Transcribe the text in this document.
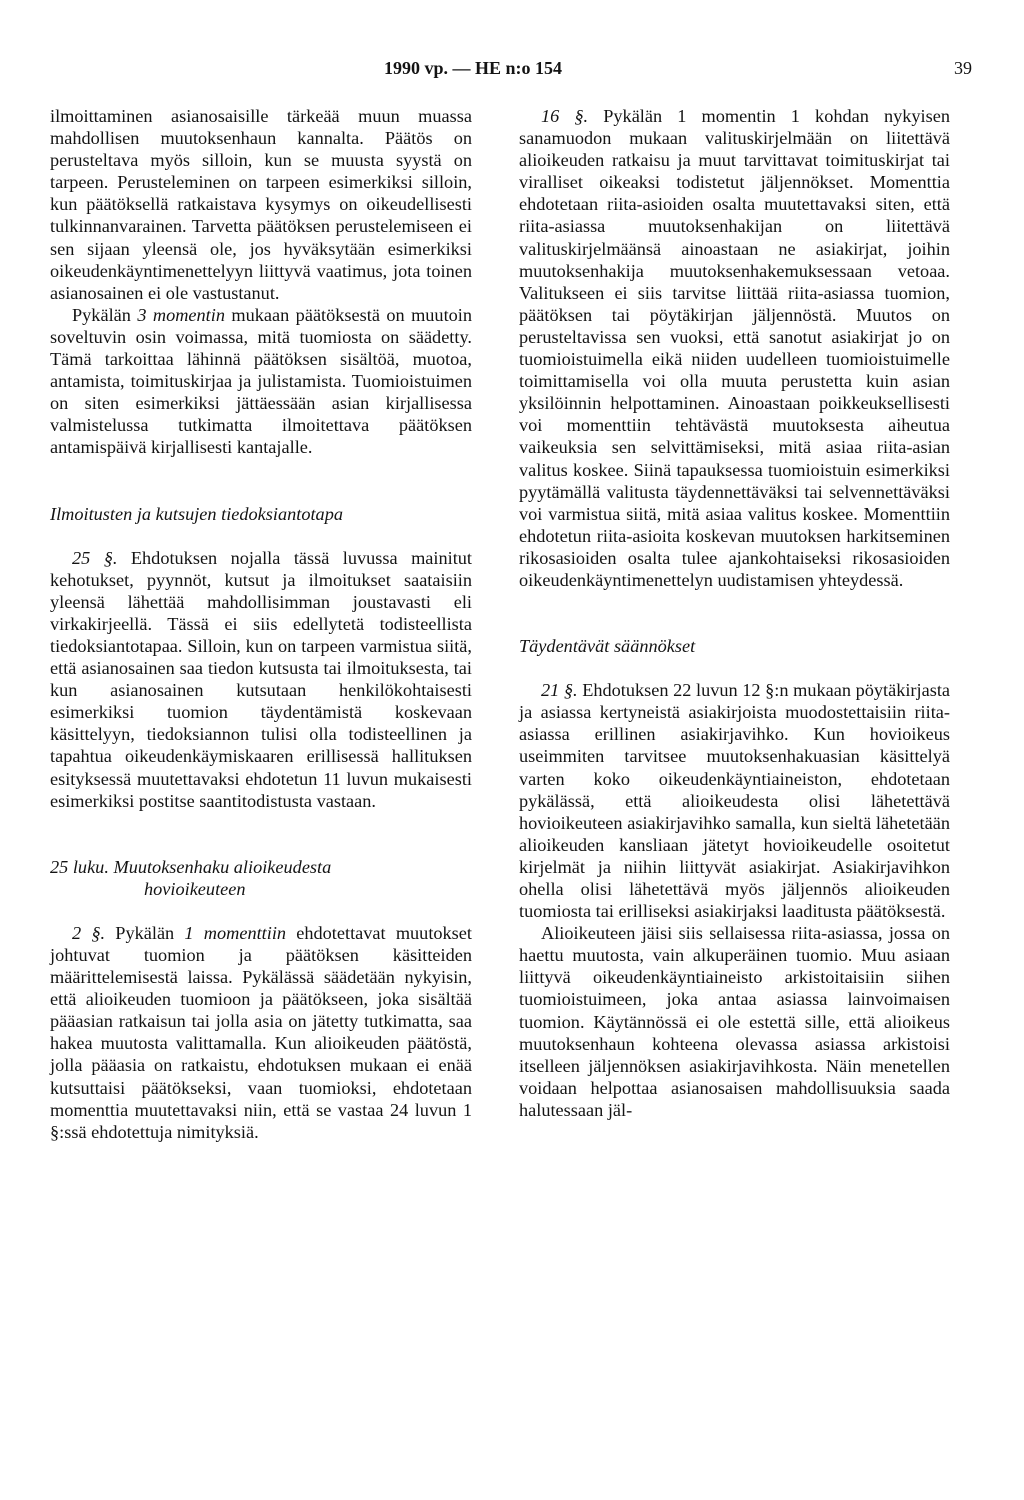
1990 vp. — HE n:o 154	39

ilmoittaminen asianosaisille tärkeää muun muassa mahdollisen muutoksenhaun kannalta. Päätös on perusteltava myös silloin, kun se muusta syystä on tarpeen. Perusteleminen on tarpeen esimerkiksi silloin, kun päätöksellä ratkaistava kysymys on oikeudellisesti tulkinnanvarainen. Tarvetta päätöksen perustelemiseen ei sen sijaan yleensä ole, jos hyväksytään esimerkiksi oikeudenkäyntimenettelyyn liittyvä vaatimus, jota toinen asianosainen ei ole vastustanut.

Pykälän 3 momentin mukaan päätöksestä on muutoin soveltuvin osin voimassa, mitä tuomiosta on säädetty. Tämä tarkoittaa lähinnä päätöksen sisältöä, muotoa, antamista, toimituskirjaa ja julistamista. Tuomioistuimen on siten esimerkiksi jättäessään asian kirjallisessa valmistelussa tutkimatta ilmoitettava päätöksen antamispäivä kirjallisesti kantajalle.

Ilmoitusten ja kutsujen tiedoksiantotapa

25 §. Ehdotuksen nojalla tässä luvussa mainitut kehotukset, pyynnöt, kutsut ja ilmoitukset saataisiin yleensä lähettää mahdollisimman joustavasti eli virkakirjeellä. Tässä ei siis edellytetä todisteellista tiedoksiantotapaa. Silloin, kun on tarpeen varmistua siitä, että asianosainen saa tiedon kutsusta tai ilmoituksesta, tai kun asianosainen kutsutaan henkilökohtaisesti esimerkiksi tuomion täydentämistä koskevaan käsittelyyn, tiedoksiannon tulisi olla todisteellinen ja tapahtua oikeudenkäymiskaaren erillisessä hallituksen esityksessä muutettavaksi ehdotetun 11 luvun mukaisesti esimerkiksi postitse saantitodistusta vastaan.

25 luku. Muutoksenhaku alioikeudesta

hovioikeuteen

2 §. Pykälän 1 momenttiin ehdotettavat muutokset johtuvat tuomion ja päätöksen käsitteiden määrittelemisestä laissa. Pykälässä säädetään nykyisin, että alioikeuden tuomioon ja päätökseen, joka sisältää pääasian ratkaisun tai jolla asia on jätetty tutkimatta, saa hakea muutosta valittamalla. Kun alioikeuden päätöstä, jolla pääasia on ratkaistu, ehdotuksen mukaan ei enää kutsuttaisi päätökseksi, vaan tuomioksi, ehdotetaan momenttia muutettavaksi niin, että se vastaa 24 luvun 1 §:ssä ehdotettuja nimityksiä.

16 §. Pykälän 1 momentin 1 kohdan nykyisen sanamuodon mukaan valituskirjelmään on liitettävä alioikeuden ratkaisu ja muut tarvittavat toimituskirjat tai viralliset oikeaksi todistetut jäljennökset. Momenttia ehdotetaan riita-asioiden osalta muutettavaksi siten, että riita-asiassa muutoksenhakijan on liitettävä valituskirjelmäänsä ainoastaan ne asiakirjat, joihin muutoksenhakija muutoksenhakemuksessaan vetoaa. Valitukseen ei siis tarvitse liittää riita-asiassa tuomion, päätöksen tai pöytäkirjan jäljennöstä. Muutos on perusteltavissa sen vuoksi, että sanotut asiakirjat jo on tuomioistuimella eikä niiden uudelleen tuomioistuimelle toimittamisella voi olla muuta perustetta kuin asian yksilöinnin helpottaminen. Ainoastaan poikkeuksellisesti voi momenttiin tehtävästä muutoksesta aiheutua vaikeuksia sen selvittämiseksi, mitä asiaa riita-asian valitus koskee. Siinä tapauksessa tuomioistuin esimerkiksi pyytämällä valitusta täydennettäväksi tai selvennettäväksi voi varmistua siitä, mitä asiaa valitus koskee. Momenttiin ehdotetun riita-asioita koskevan muutoksen harkitseminen rikosasioiden osalta tulee ajankohtaiseksi rikosasioiden oikeudenkäyntimenettelyn uudistamisen yhteydessä.

Täydentävät säännökset

21 §. Ehdotuksen 22 luvun 12 §:n mukaan pöytäkirjasta ja asiassa kertyneistä asiakirjoista muodostettaisiin riita-asiassa erillinen asiakirjavihko. Kun hovioikeus useimmiten tarvitsee muutoksenhakuasian käsittelyä varten koko oikeudenkäyntiaineiston, ehdotetaan pykälässä, että alioikeudesta olisi lähetettävä hovioikeuteen asiakirjavihko samalla, kun sieltä lähetetään alioikeuden kansliaan jätetyt hovioikeudelle osoitetut kirjelmät ja niihin liittyvät asiakirjat. Asiakirjavihkon ohella olisi lähetettävä myös jäljennös alioikeuden tuomiosta tai erilliseksi asiakirjaksi laaditusta päätöksestä.

Alioikeuteen jäisi siis sellaisessa riita-asiassa, jossa on haettu muutosta, vain alkuperäinen tuomio. Muu asiaan liittyvä oikeudenkäyntiaineisto arkistoitaisiin siihen tuomioistuimeen, joka antaa asiassa lainvoimaisen tuomion. Käytännössä ei ole estettä sille, että alioikeus muutoksenhaun kohteena olevassa asiassa arkistoisi itselleen jäljennöksen asiakirjavihkosta. Näin menetellen voidaan helpottaa asianosaisen mahdollisuuksia saada halutessaan jäl-
